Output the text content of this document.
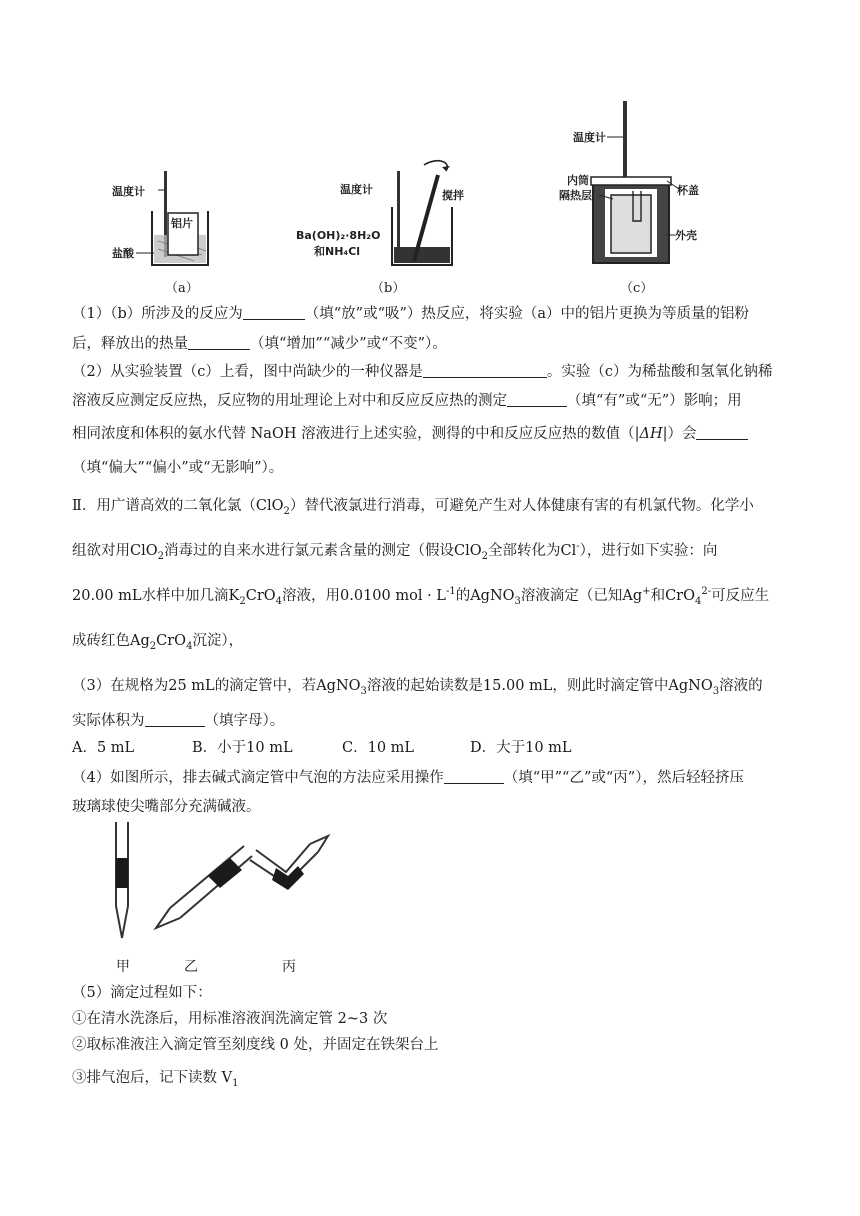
温度计
铝片
盐酸
（a）
温度计	搅拌
Ba(OH)₂·8H₂O
和NH₄Cl
（b）
温度计
内筒
隔热层	杯盖
外壳
（c）
（1）（b）所涉及的反应为	（填“放”或“吸”）热反应，将实验（a）中的铝片更换为等质量的铝粉
后，释放出的热量	（填“增加”“减少”或“不变”）。
（2）从实验装置（c）上看，图中尚缺少的一种仪器是	。实验（c）为稀盐酸和氢氧化钠稀
溶液反应测定反应热，反应物的用址理论上对中和反应反应热的测定	（填“有”或“无”）影响；用
相同浓度和体积的氨水代替 NaOH 溶液进行上述实验，测得的中和反应反应热的数值（|ΔH|）会
（填“偏大”“偏小”或“无影响”）。
Ⅱ．用广谱高效的二氧化氯（ClO$_2$）替代液氯进行消毒，可避免产生对人体健康有害的有机氯代物。化学小
组欲对用ClO$_2$消毒过的自来水进行氯元素含量的测定（假设ClO$_2$全部转化为Cl-），进行如下实验：向
20.00 mL水样中加几滴$K_2CrO_4$溶液，用0.0100 mol · $L^{-1}$的AgNO$_3$溶液滴定（已知Ag+和CrO$_4^{2-}$可反应生
成砖红色$Ag_2CrO_4$沉淀），
（3）在规格为25 mL的滴定管中，若AgNO$_3$溶液的起始读数是15.00 mL，则此时滴定管中AgNO$_3$溶液的
实际体积为	（填字母）。
A．5 mL	B．小于10 mL	C．10 mL	D．大于10 mL
（4）如图所示，排去碱式滴定管中气泡的方法应采用操作	（填“甲”“乙”或“丙”），然后轻轻挤压
玻璃球使尖嘴部分充满碱液。
甲	乙	丙
（5）滴定过程如下：
①在清水洗涤后，用标准溶液润洗滴定管 2~3 次
②取标准液注入滴定管至刻度线 0 处，并固定在铁架台上
③排气泡后，记下读数 $V_1$
